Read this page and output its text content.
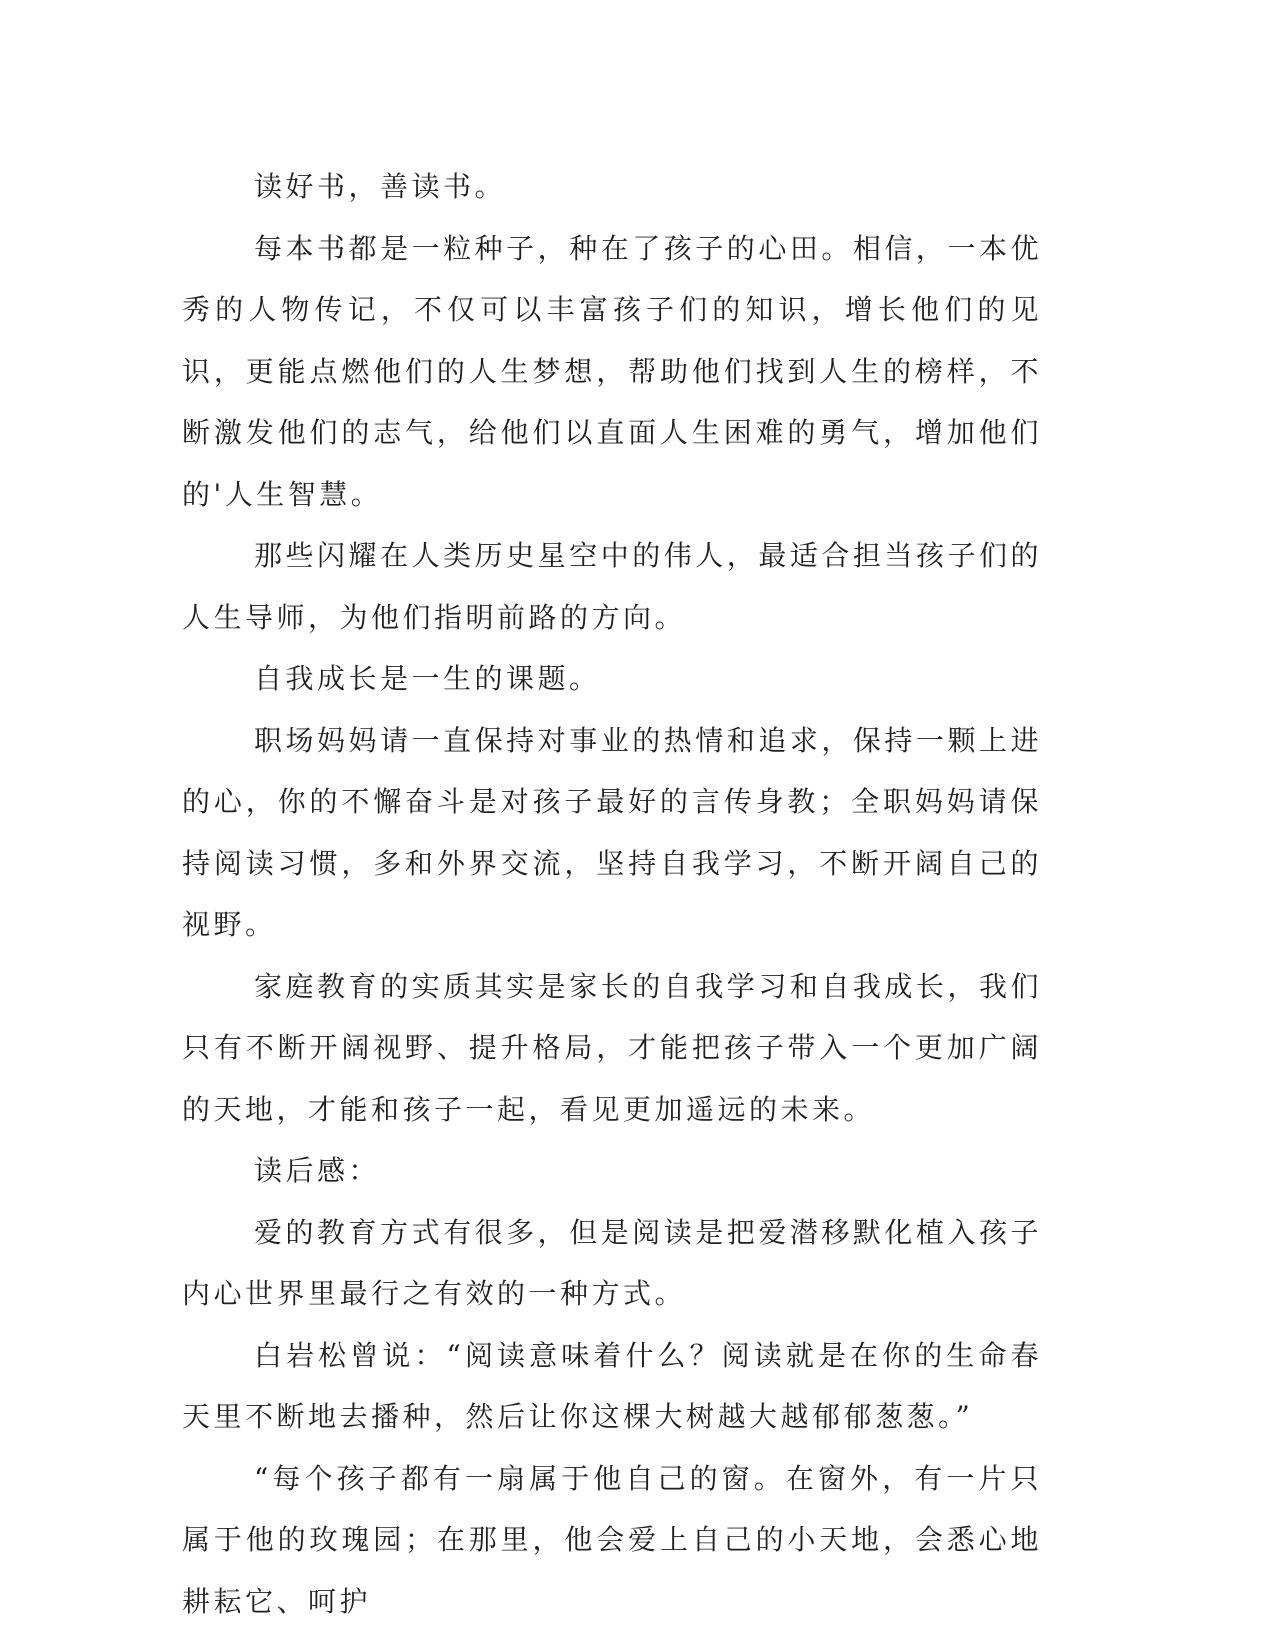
读好书，善读书。

每本书都是一粒种子，种在了孩子的心田。相信，一本优秀的人物传记，不仅可以丰富孩子们的知识，增长他们的见识，更能点燃他们的人生梦想，帮助他们找到人生的榜样，不断激发他们的志气，给他们以直面人生困难的勇气，增加他们的'人生智慧。

那些闪耀在人类历史星空中的伟人，最适合担当孩子们的人生导师，为他们指明前路的方向。

自我成长是一生的课题。

职场妈妈请一直保持对事业的热情和追求，保持一颗上进的心，你的不懈奋斗是对孩子最好的言传身教；全职妈妈请保持阅读习惯，多和外界交流，坚持自我学习，不断开阔自己的视野。

家庭教育的实质其实是家长的自我学习和自我成长，我们只有不断开阔视野、提升格局，才能把孩子带入一个更加广阔的天地，才能和孩子一起，看见更加遥远的未来。

读后感：

爱的教育方式有很多，但是阅读是把爱潜移默化植入孩子内心世界里最行之有效的一种方式。

白岩松曾说：“阅读意味着什么？阅读就是在你的生命春天里不断地去播种，然后让你这棵大树越大越郁郁葱葱。”

“每个孩子都有一扇属于他自己的窗。在窗外，有一片只属于他的玫瑰园；在那里，他会爱上自己的小天地，会悉心地耕耘它、呵护
